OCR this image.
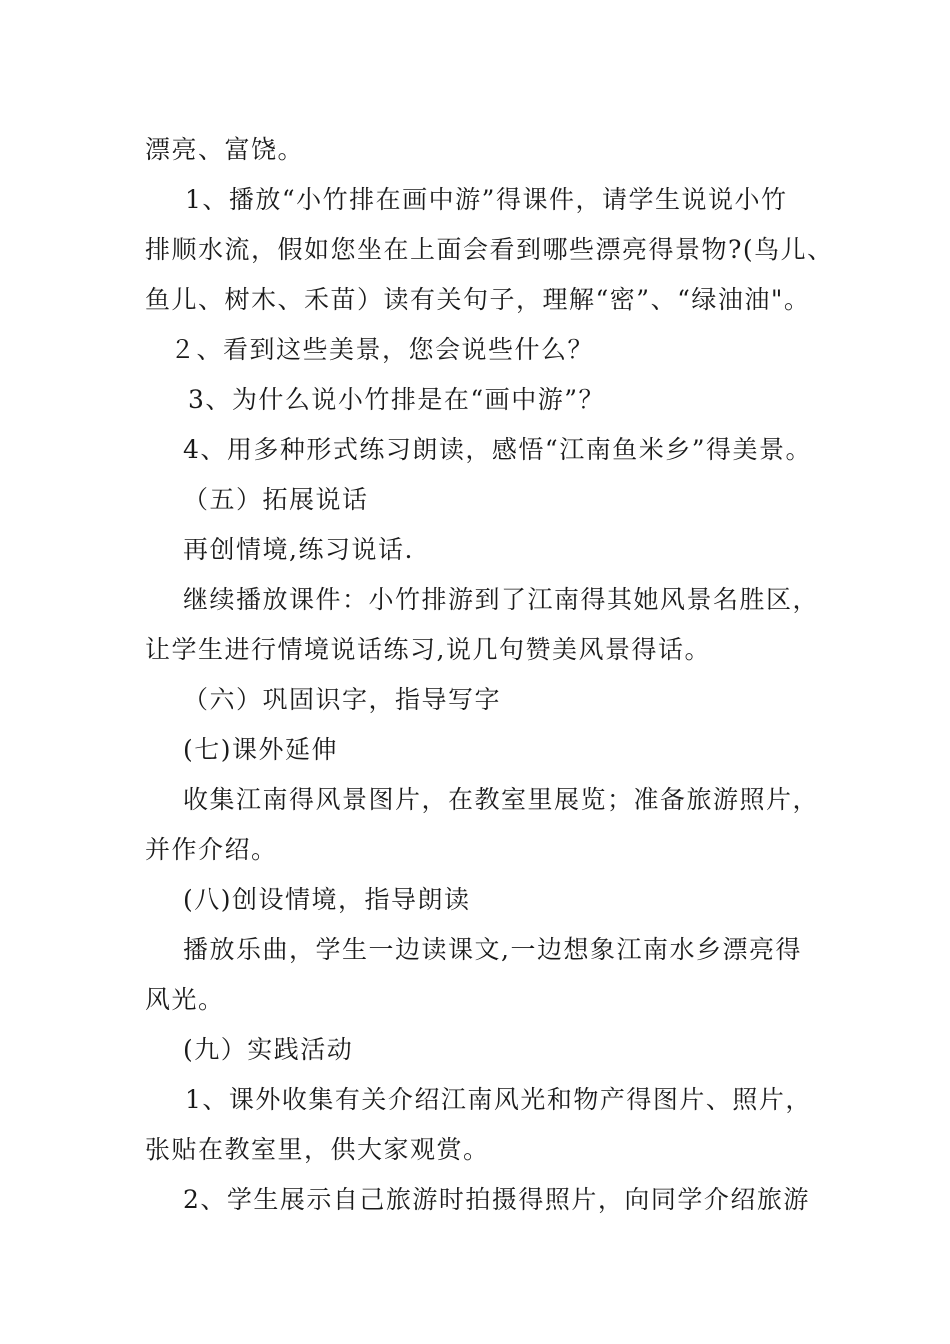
漂亮、富饶。
1、播放“小竹排在画中游”得课件，请学生说说小竹
排顺水流，假如您坐在上面会看到哪些漂亮得景物?(鸟儿、
鱼儿、树木、禾苗）读有关句子，理解“密”、“绿油油"。
２、看到这些美景，您会说些什么？
3、为什么说小竹排是在“画中游”？
4、用多种形式练习朗读，感悟“江南鱼米乡”得美景。
（五）拓展说话
再创情境,练习说话.
继续播放课件：小竹排游到了江南得其她风景名胜区，
让学生进行情境说话练习,说几句赞美风景得话。
（六）巩固识字，指导写字
(七)课外延伸
收集江南得风景图片，在教室里展览；准备旅游照片，
并作介绍。
(八)创设情境，指导朗读
播放乐曲，学生一边读课文,一边想象江南水乡漂亮得
风光。
(九）实践活动
1、课外收集有关介绍江南风光和物产得图片、照片，
张贴在教室里，供大家观赏。
2、学生展示自己旅游时拍摄得照片，向同学介绍旅游
